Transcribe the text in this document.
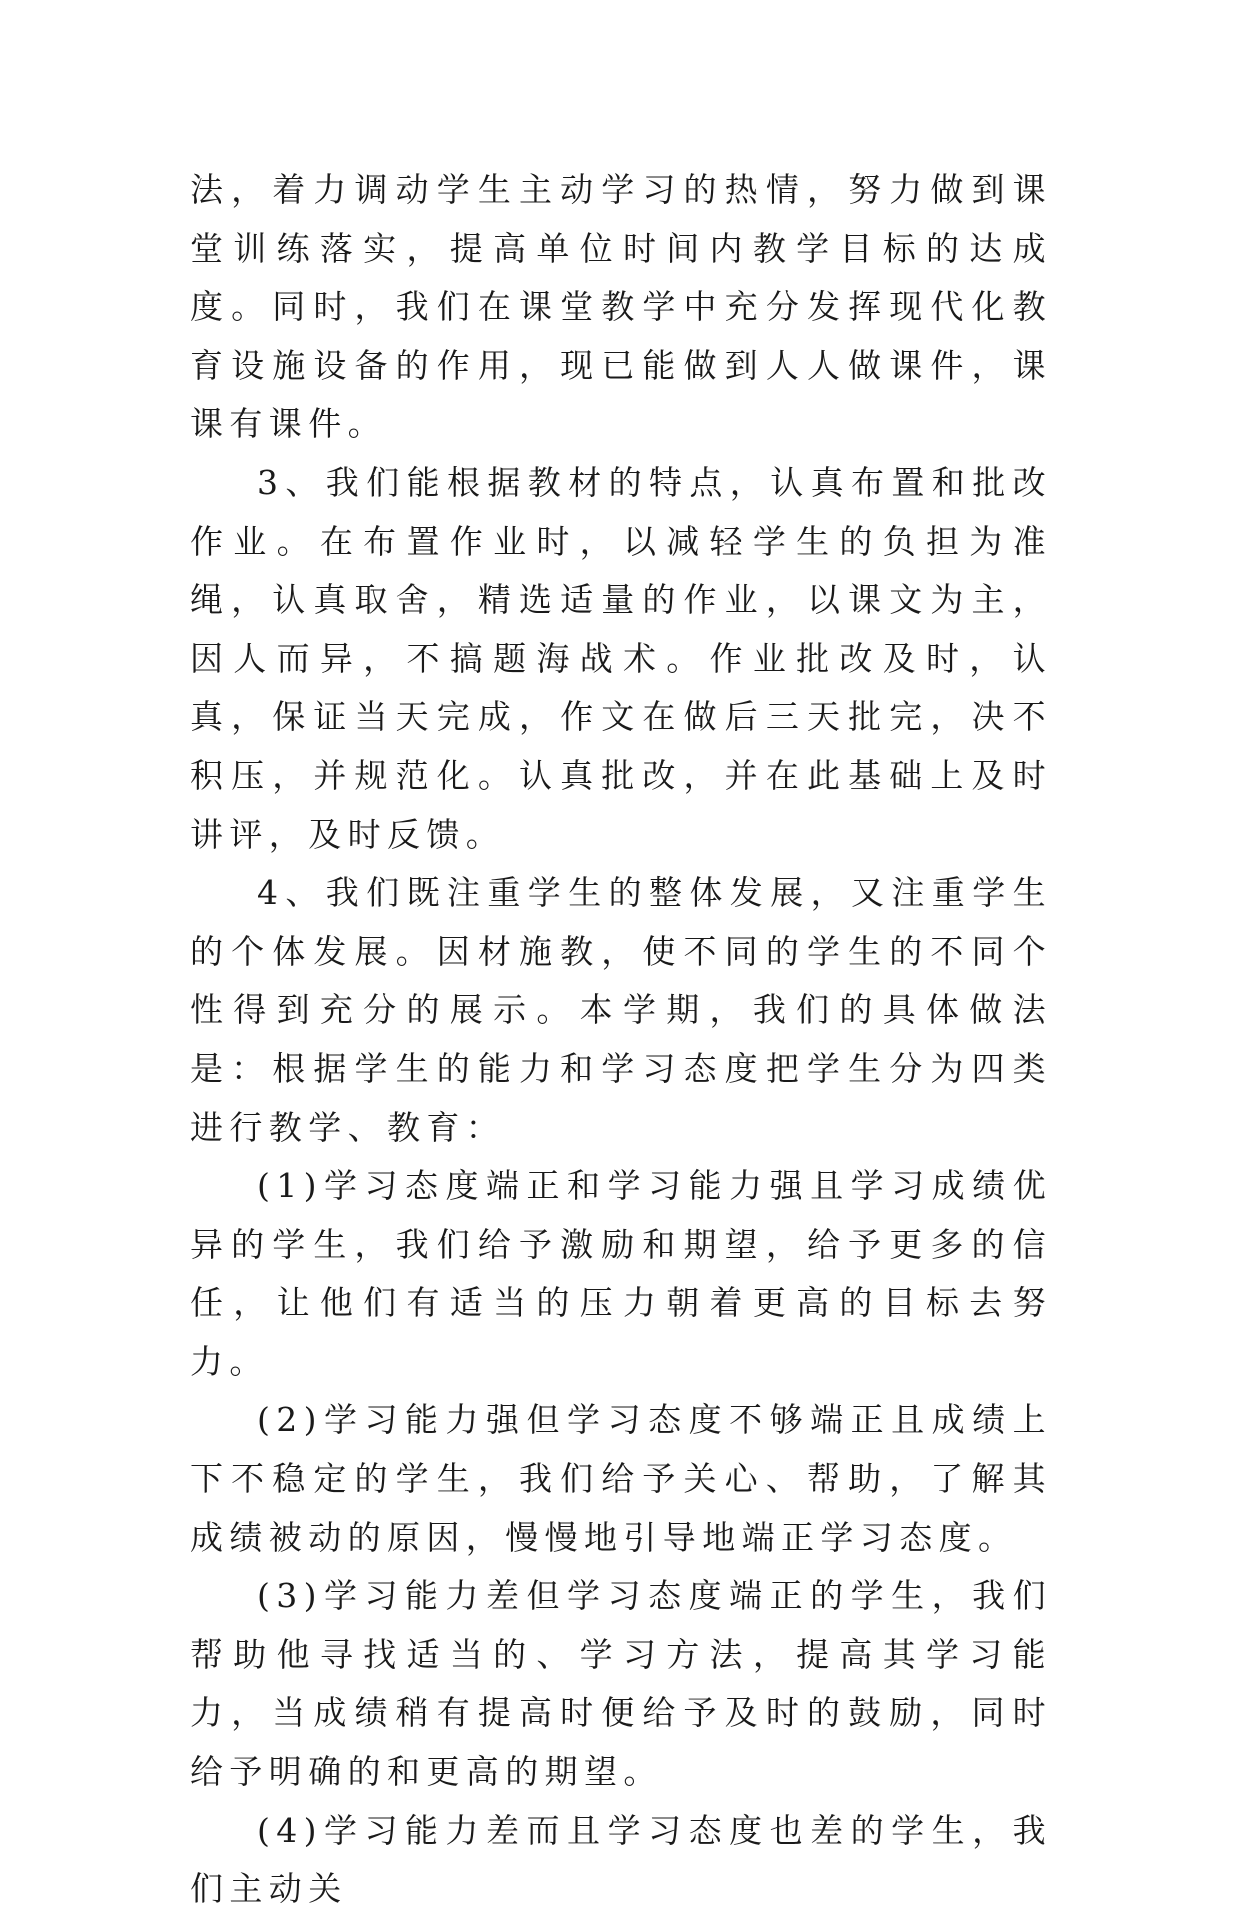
法，着力调动学生主动学习的热情，努力做到课堂训练落实，提高单位时间内教学目标的达成度。同时，我们在课堂教学中充分发挥现代化教育设施设备的作用，现已能做到人人做课件，课课有课件。

3、我们能根据教材的特点，认真布置和批改作业。在布置作业时，以减轻学生的负担为准绳，认真取舍，精选适量的作业，以课文为主，因人而异，不搞题海战术。作业批改及时，认真，保证当天完成，作文在做后三天批完，决不积压，并规范化。认真批改，并在此基础上及时讲评，及时反馈。

4、我们既注重学生的整体发展，又注重学生的个体发展。因材施教，使不同的学生的不同个性得到充分的展示。本学期，我们的具体做法是：根据学生的能力和学习态度把学生分为四类进行教学、教育：

(1)学习态度端正和学习能力强且学习成绩优异的学生，我们给予激励和期望，给予更多的信任，让他们有适当的压力朝着更高的目标去努力。

(2)学习能力强但学习态度不够端正且成绩上下不稳定的学生，我们给予关心、帮助，了解其成绩被动的原因，慢慢地引导地端正学习态度。

(3)学习能力差但学习态度端正的学生，我们帮助他寻找适当的、学习方法，提高其学习能力，当成绩稍有提高时便给予及时的鼓励，同时给予明确的和更高的期望。

(4)学习能力差而且学习态度也差的学生，我们主动关
